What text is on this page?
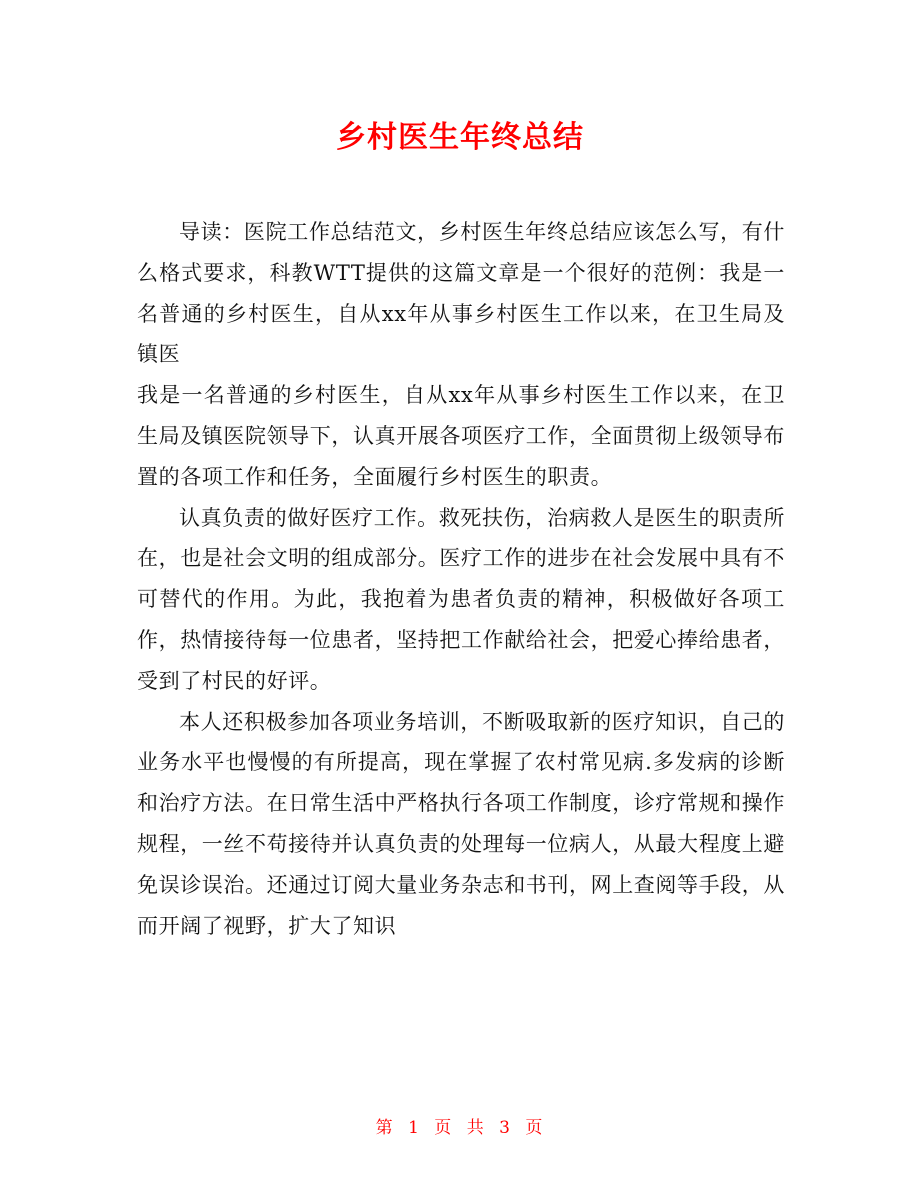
乡村医生年终总结

导读：医院工作总结范文，乡村医生年终总结应该怎么写，有什么格式要求，科教WTT提供的这篇文章是一个很好的范例：我是一名普通的乡村医生，自从xx年从事乡村医生工作以来，在卫生局及镇医

我是一名普通的乡村医生，自从xx年从事乡村医生工作以来，在卫生局及镇医院领导下，认真开展各项医疗工作，全面贯彻上级领导布置的各项工作和任务，全面履行乡村医生的职责。

认真负责的做好医疗工作。救死扶伤，治病救人是医生的职责所在，也是社会文明的组成部分。医疗工作的进步在社会发展中具有不可替代的作用。为此，我抱着为患者负责的精神，积极做好各项工作，热情接待每一位患者，坚持把工作献给社会，把爱心捧给患者，受到了村民的好评。

本人还积极参加各项业务培训，不断吸取新的医疗知识，自己的业务水平也慢慢的有所提高，现在掌握了农村常见病.多发病的诊断和治疗方法。在日常生活中严格执行各项工作制度，诊疗常规和操作规程，一丝不苟接待并认真负责的处理每一位病人，从最大程度上避免误诊误治。还通过订阅大量业务杂志和书刊，网上查阅等手段，从而开阔了视野，扩大了知识

第 1 页 共 3 页
